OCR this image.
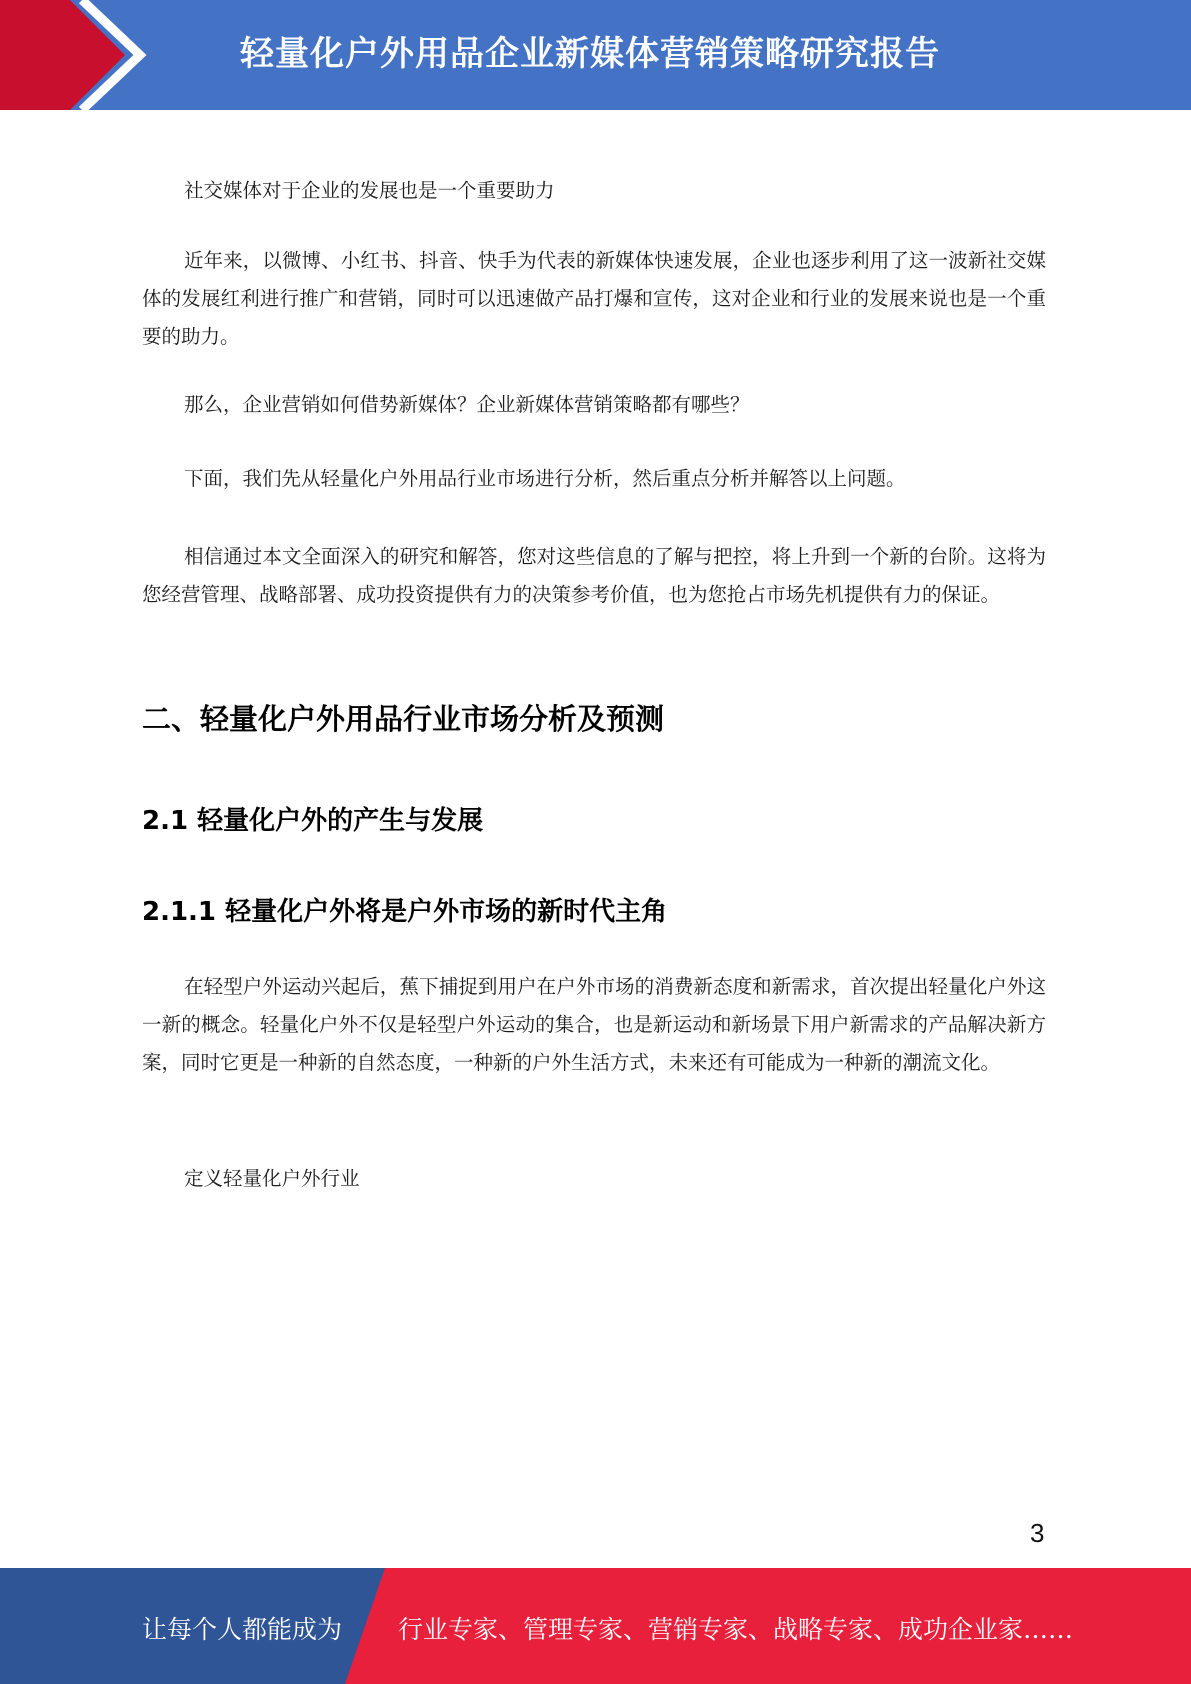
轻量化户外用品企业新媒体营销策略研究报告

社交媒体对于企业的发展也是一个重要助力

近年来，以微博、小红书、抖音、快手为代表的新媒体快速发展，企业也逐步利用了这一波新社交媒体的发展红利进行推广和营销，同时可以迅速做产品打爆和宣传，这对企业和行业的发展来说也是一个重要的助力。

那么，企业营销如何借势新媒体？企业新媒体营销策略都有哪些？

下面，我们先从轻量化户外用品行业市场进行分析，然后重点分析并解答以上问题。

相信通过本文全面深入的研究和解答，您对这些信息的了解与把控，将上升到一个新的台阶。这将为您经营管理、战略部署、成功投资提供有力的决策参考价值，也为您抢占市场先机提供有力的保证。

二、轻量化户外用品行业市场分析及预测
2.1 轻量化户外的产生与发展
2.1.1 轻量化户外将是户外市场的新时代主角

在轻型户外运动兴起后，蕉下捕捉到用户在户外市场的消费新态度和新需求，首次提出轻量化户外这一新的概念。轻量化户外不仅是轻型户外运动的集合，也是新运动和新场景下用户新需求的产品解决新方案，同时它更是一种新的自然态度，一种新的户外生活方式，未来还有可能成为一种新的潮流文化。

定义轻量化户外行业

3
让每个人都能成为 行业专家、管理专家、营销专家、战略专家、成功企业家……
